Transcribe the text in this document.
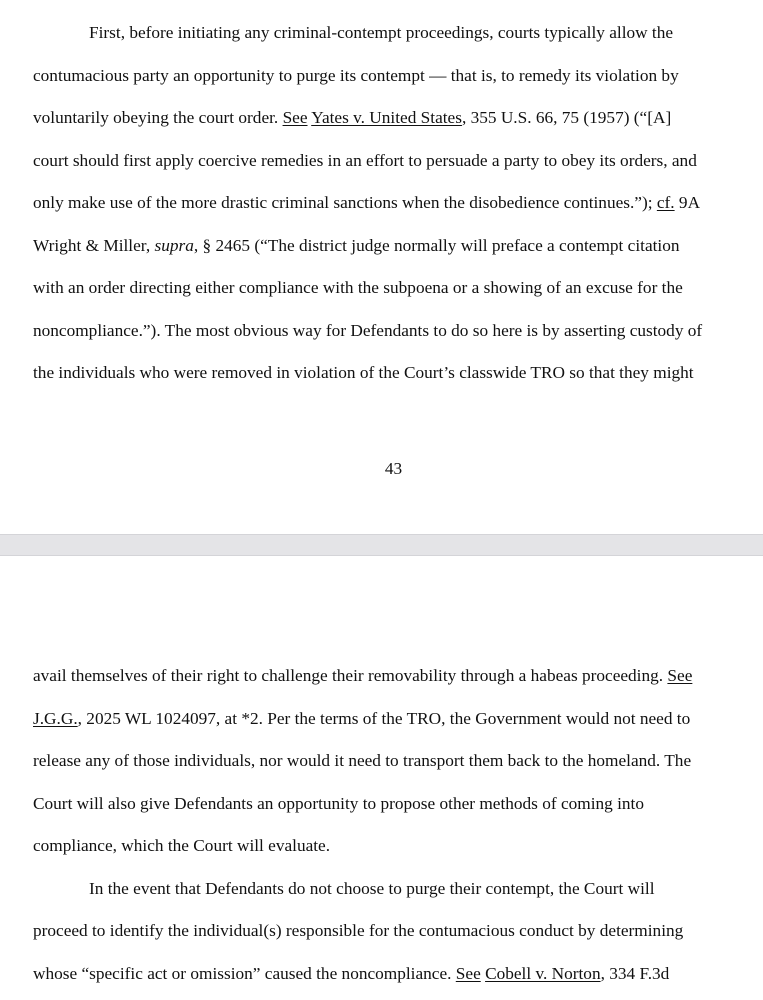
First, before initiating any criminal-contempt proceedings, courts typically allow the
contumacious party an opportunity to purge its contempt — that is, to remedy its violation by
voluntarily obeying the court order. See Yates v. United States, 355 U.S. 66, 75 (1957) (“[A]
court should first apply coercive remedies in an effort to persuade a party to obey its orders, and
only make use of the more drastic criminal sanctions when the disobedience continues.”); cf. 9A
Wright & Miller, supra, § 2465 (“The district judge normally will preface a contempt citation
with an order directing either compliance with the subpoena or a showing of an excuse for the
noncompliance.”). The most obvious way for Defendants to do so here is by asserting custody of
the individuals who were removed in violation of the Court’s classwide TRO so that they might
43
avail themselves of their right to challenge their removability through a habeas proceeding. See
J.G.G., 2025 WL 1024097, at *2. Per the terms of the TRO, the Government would not need to
release any of those individuals, nor would it need to transport them back to the homeland. The
Court will also give Defendants an opportunity to propose other methods of coming into
compliance, which the Court will evaluate.
In the event that Defendants do not choose to purge their contempt, the Court will
proceed to identify the individual(s) responsible for the contumacious conduct by determining
whose “specific act or omission” caused the noncompliance. See Cobell v. Norton, 334 F.3d
